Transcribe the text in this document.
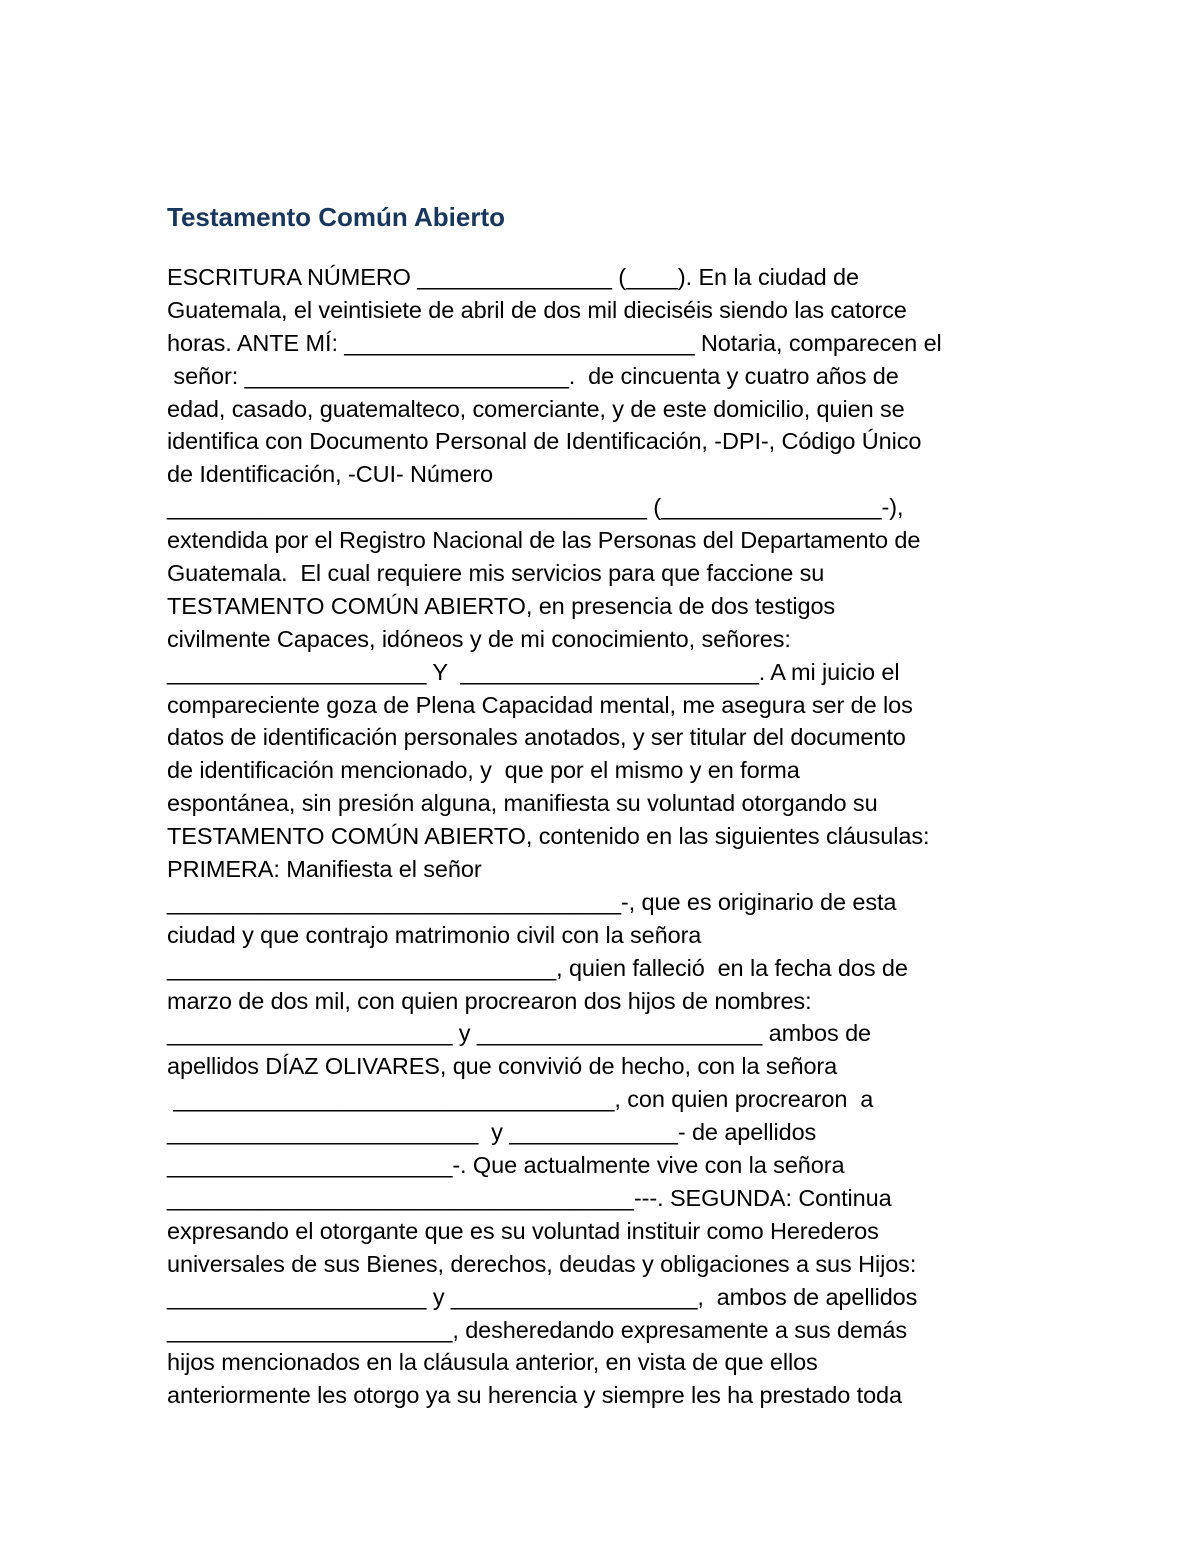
Testamento Común Abierto
ESCRITURA NÚMERO _______________ (____). En la ciudad de
Guatemala, el veintisiete de abril de dos mil dieciséis siendo las catorce
horas. ANTE MÍ: ___________________________ Notaria, comparecen el
señor: _________________________.  de cincuenta y cuatro años de
edad, casado, guatemalteco, comerciante, y de este domicilio, quien se
identifica con Documento Personal de Identificación, -DPI-, Código Único
de Identificación, -CUI- Número
_____________________________________ (_________________-),
extendida por el Registro Nacional de las Personas del Departamento de
Guatemala.  El cual requiere mis servicios para que faccione su
TESTAMENTO COMÚN ABIERTO, en presencia de dos testigos
civilmente Capaces, idóneos y de mi conocimiento, señores:
____________________ Y  _______________________. A mi juicio el
compareciente goza de Plena Capacidad mental, me asegura ser de los
datos de identificación personales anotados, y ser titular del documento
de identificación mencionado, y  que por el mismo y en forma
espontánea, sin presión alguna, manifiesta su voluntad otorgando su
TESTAMENTO COMÚN ABIERTO, contenido en las siguientes cláusulas:
PRIMERA: Manifiesta el señor
___________________________________-, que es originario de esta
ciudad y que contrajo matrimonio civil con la señora
______________________________, quien falleció  en la fecha dos de
marzo de dos mil, con quien procrearon dos hijos de nombres:
______________________ y ______________________ ambos de
apellidos DÍAZ OLIVARES, que convivió de hecho, con la señora
__________________________________, con quien procrearon  a
________________________  y _____________- de apellidos
______________________-. Que actualmente vive con la señora
____________________________________---. SEGUNDA: Continua
expresando el otorgante que es su voluntad instituir como Herederos
universales de sus Bienes, derechos, deudas y obligaciones a sus Hijos:
____________________ y ___________________,  ambos de apellidos
______________________, desheredando expresamente a sus demás
hijos mencionados en la cláusula anterior, en vista de que ellos
anteriormente les otorgo ya su herencia y siempre les ha prestado toda
